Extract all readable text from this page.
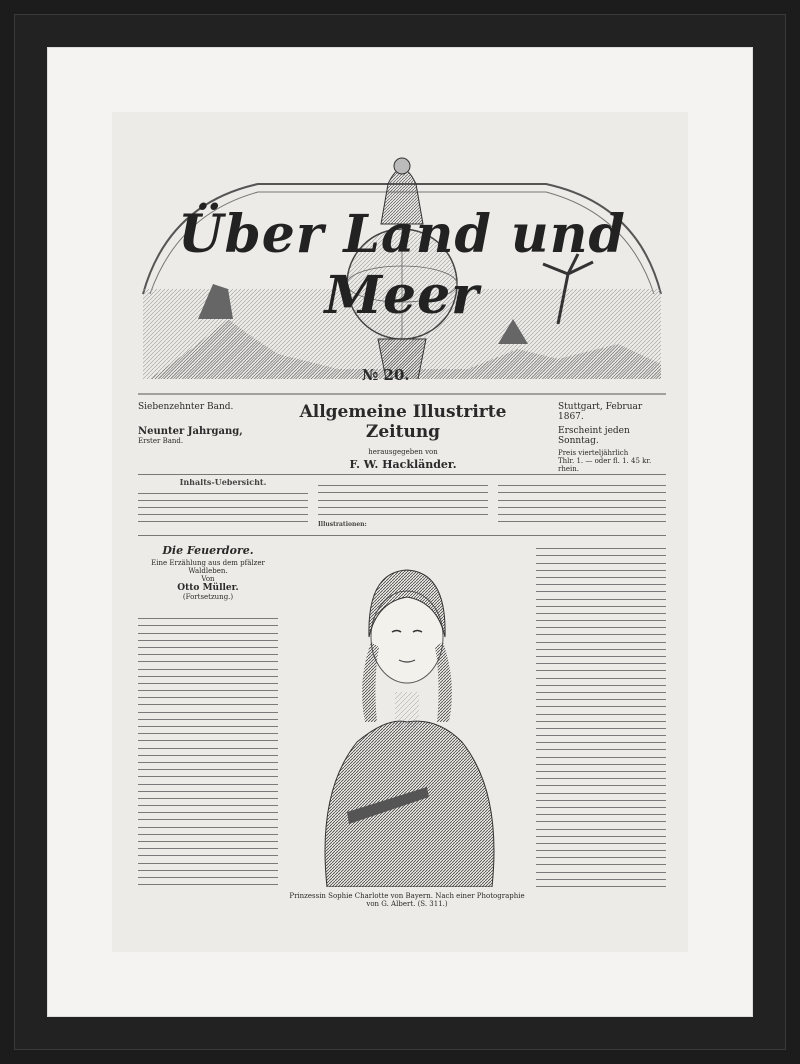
Über Land und Meer
№ 20.
Siebenzehnter Band.
Neunter Jahrgang,
Erster Band.
Allgemeine Illustrirte Zeitung
herausgegeben von
F. W. Hackländer.
Stuttgart, Februar 1867.
Erscheint jeden Sonntag.
Preis vierteljährlich
Thlr. 1. — oder fl. 1. 45 kr. rhein.
Inhalts-Uebersicht.
Illustrationen:
Die Feuerdore.
Eine Erzählung aus dem pfälzer Waldleben.
Von
Otto Müller.
(Fortsetzung.)
Prinzessin Sophie Charlotte von Bayern. Nach einer Photographie von G. Albert. (S. 311.)
